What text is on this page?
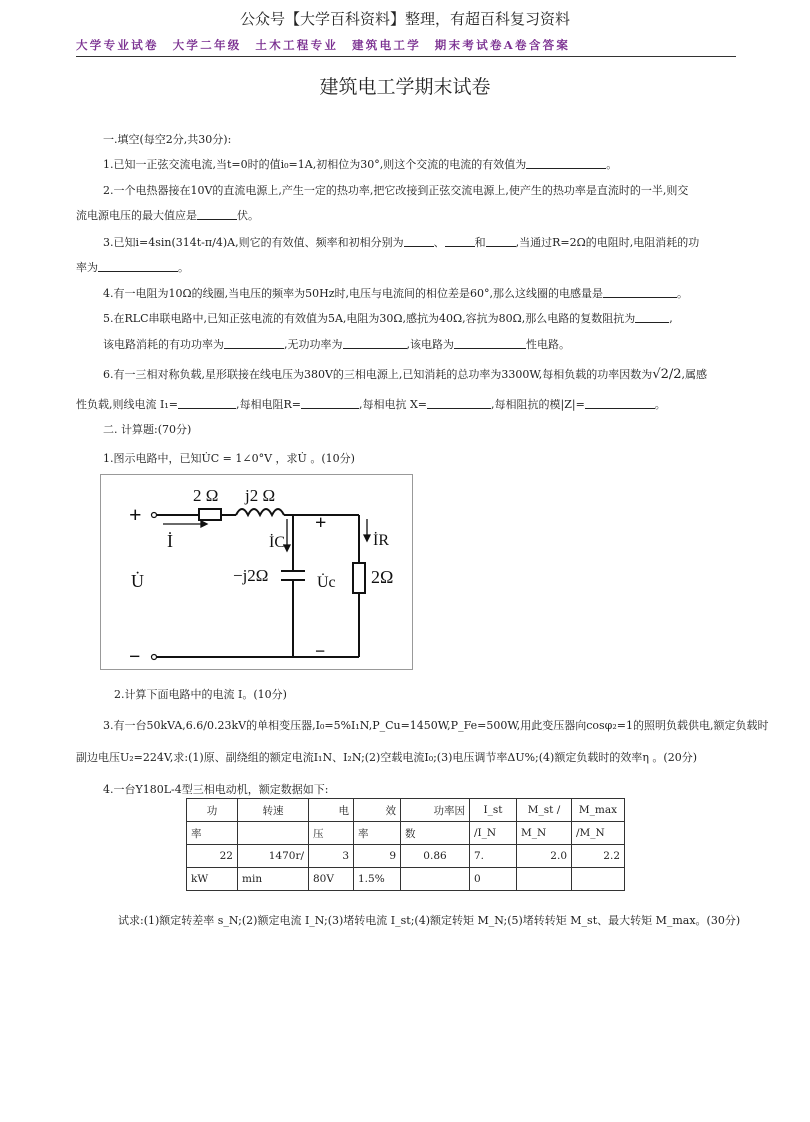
公众号【大学百科资料】整理，有超百科复习资料
大学专业试卷　大学二年级　土木工程专业　建筑电工学　期末考试卷A卷含答案
建筑电工学期末试卷
一.填空(每空2分,共30分):
1.已知一正弦交流电流,当t=0时的值i₀=1A,初相位为30°,则这个交流的电流的有效值为	。
2.一个电热器接在10V的直流电源上,产生一定的热功率,把它改接到正弦交流电源上,使产生的热功率是直流时的一半,则交
流电源电压的最大值应是	伏。
3.已知i=4sin(314t-π/4)A,则它的有效值、频率和初相分别为	、	和	,当通过R=2Ω的电阻时,电阻消耗的功
率为	。
4.有一电阻为10Ω的线圈,当电压的频率为50Hz时,电压与电流间的相位差是60°,那么这线圈的电感量是	。
5.在RLC串联电路中,已知正弦电流的有效值为5A,电阻为30Ω,感抗为40Ω,容抗为80Ω,那么电路的复数阻抗为	,
该电路消耗的有功功率为	,无功功率为	,该电路为	性电路。
6.有一三相对称负载,星形联接在线电压为380V的三相电源上,已知消耗的总功率为3300W,每相负载的功率因数为√2/2,属感
性负载,则线电流 I₁=	,每相电阻R=	,每相电抗 X=	,每相阻抗的模|Z|=	。
二. 计算题:(70分)
1.图示电路中，已知U̇C = 1∠0°V ，求U̇ 。(10分)
2 Ω j2 Ω
+
−
+
−
İ
U̇
İC	İR
−j2Ω	U̇c 2Ω
2.计算下面电路中的电流 I。(10分)
3.有一台50kVA,6.6/0.23kV的单相变压器,I₀=5%I₁N,P_Cu=1450W,P_Fe=500W,用此变压器向cosφ₂=1的照明负载供电,额定负载时
副边电压U₂=224V,求:(1)原、副绕组的额定电流I₁N、I₂N;(2)空载电流I₀;(3)电压调节率ΔU%;(4)额定负载时的效率η 。(20分)
4.一台Y180L-4型三相电动机，额定数据如下:
功	转速	电	效	功率因	I_st	M_st /	M_max
率		压	率	数	/I_N	M_N	/M_N
22	1470r/	3	9	0.86	7.	2.0	2.2
kW	min	80V	1.5%		0		
试求:(1)额定转差率 s_N;(2)额定电流 I_N;(3)堵转电流 I_st;(4)额定转矩 M_N;(5)堵转转矩 M_st、最大转矩 M_max。(30分)
